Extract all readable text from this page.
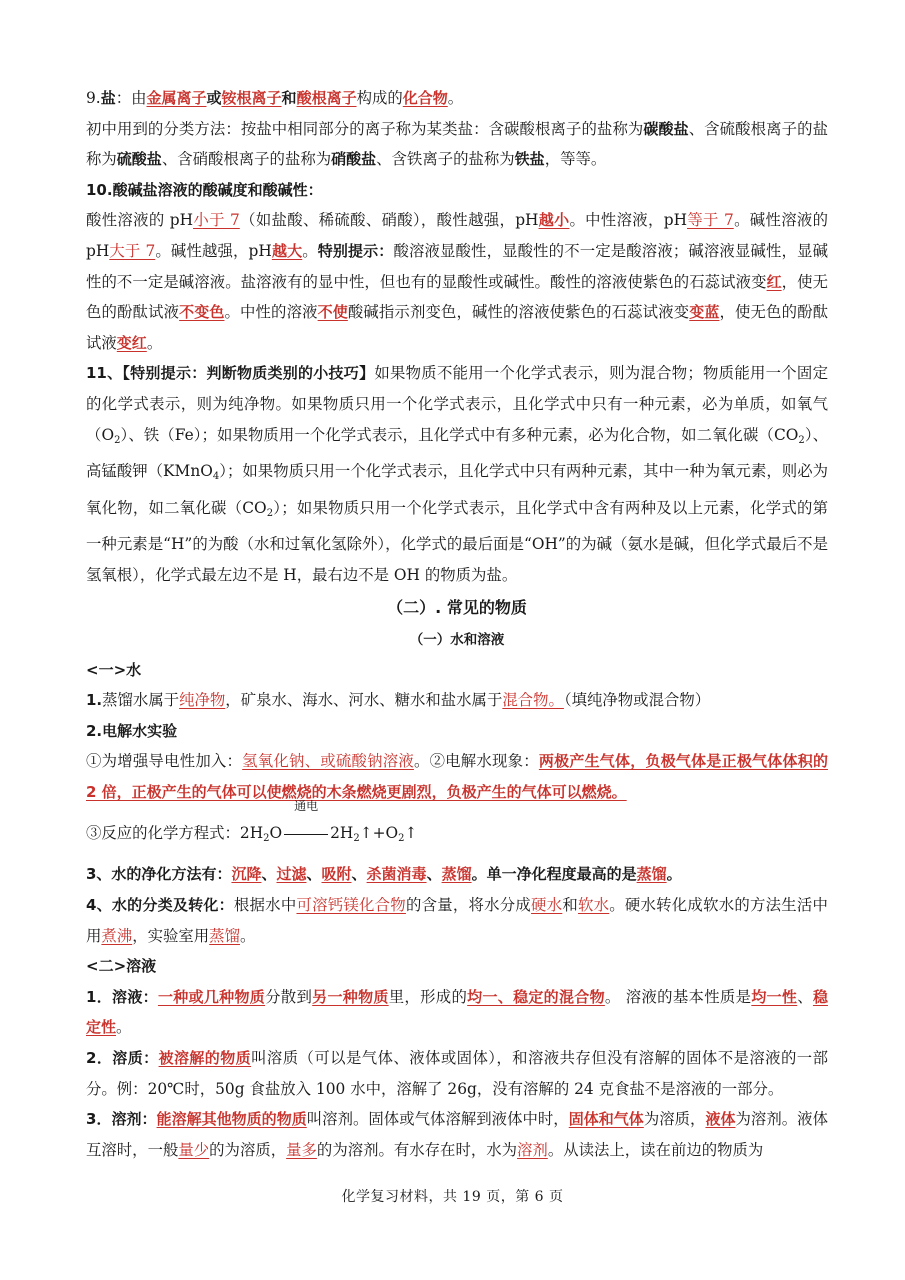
9.盐：由金属离子或铵根离子和酸根离子构成的化合物。

初中用到的分类方法：按盐中相同部分的离子称为某类盐：含碳酸根离子的盐称为碳酸盐、含硫酸根离子的盐称为硫酸盐、含硝酸根离子的盐称为硝酸盐、含铁离子的盐称为铁盐，等等。

10.酸碱盐溶液的酸碱度和酸碱性：

酸性溶液的 pH小于 7（如盐酸、稀硫酸、硝酸），酸性越强，pH越小。中性溶液，pH等于 7。碱性溶液的 pH大于 7。碱性越强，pH越大。特别提示：酸溶液显酸性，显酸性的不一定是酸溶液；碱溶液显碱性，显碱性的不一定是碱溶液。盐溶液有的显中性，但也有的显酸性或碱性。酸性的溶液使紫色的石蕊试液变红，使无色的酚酞试液不变色。中性的溶液不使酸碱指示剂变色，碱性的溶液使紫色的石蕊试液变变蓝，使无色的酚酞试液变红。

11、【特别提示：判断物质类别的小技巧】如果物质不能用一个化学式表示，则为混合物；物质能用一个固定的化学式表示，则为纯净物。如果物质只用一个化学式表示，且化学式中只有一种元素，必为单质，如氧气$(O_2)$、铁（Fe）；如果物质用一个化学式表示，且化学式中有多种元素，必为化合物，如二氧化碳$(CO_2)$、高锰酸钾（KMnO$_4$）；如果物质只用一个化学式表示，且化学式中只有两种元素，其中一种为氧元素，则必为氧化物，如二氧化碳$(CO_2)$；如果物质只用一个化学式表示，且化学式中含有两种及以上元素，化学式的第一种元素是“H”的为酸（水和过氧化氢除外），化学式的最后面是“OH”的为碱（氨水是碱，但化学式最后不是氢氧根），化学式最左边不是 H，最右边不是 OH 的物质为盐。

（二）. 常见的物质

（一）水和溶液

<一>水

1.蒸馏水属于纯净物，矿泉水、海水、河水、糖水和盐水属于混合物。（填纯净物或混合物）

2.电解水实验

①为增强导电性加入：氢氧化钠、或硫酸钠溶液。②电解水现象：两极产生气体，负极气体是正极气体体积的 2 倍，正极产生的气体可以使燃烧的木条燃烧更剧烈，负极产生的气体可以燃烧。

③反应的化学方程式：$2H_2O$
通电
$2H_2↑+O_2↑$

3、水的净化方法有：沉降、过滤、吸附、杀菌消毒、蒸馏。单一净化程度最高的是蒸馏。

4、水的分类及转化：根据水中可溶钙镁化合物的含量，将水分成硬水和软水。硬水转化成软水的方法生活中用煮沸，实验室用蒸馏。

<二>溶液

1．溶液：一种或几种物质分散到另一种物质里，形成的均一、稳定的混合物。 溶液的基本性质是均一性、稳定性。

2．溶质：被溶解的物质叫溶质（可以是气体、液体或固体），和溶液共存但没有溶解的固体不是溶液的一部分。例：20℃时，50g 食盐放入 100 水中，溶解了 26g，没有溶解的 24 克食盐不是溶液的一部分。

3．溶剂：能溶解其他物质的物质叫溶剂。固体或气体溶解到液体中时，固体和气体为溶质，液体为溶剂。液体互溶时，一般量少的为溶质，量多的为溶剂。有水存在时，水为溶剂。从读法上，读在前边的物质为

化学复习材料，共 19 页，第 6 页
